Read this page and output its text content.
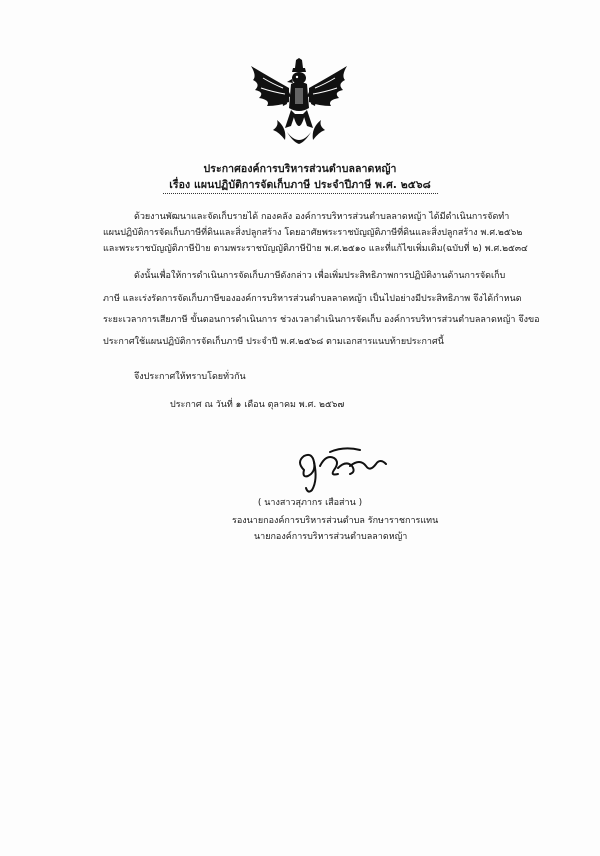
ประกาศองค์การบริหารส่วนตำบลลาดหญ้า
เรื่อง แผนปฏิบัติการจัดเก็บภาษี ประจำปีภาษี พ.ศ. ๒๕๖๘
ด้วยงานพัฒนาและจัดเก็บรายได้ กองคลัง องค์การบริหารส่วนตำบลลาดหญ้า ได้มีดำเนินการจัดทำ
แผนปฏิบัติการจัดเก็บภาษีที่ดินและสิ่งปลูกสร้าง โดยอาศัยพระราชบัญญัติภาษีที่ดินและสิ่งปลูกสร้าง พ.ศ.๒๕๖๒
และพระราชบัญญัติภาษีป้าย ตามพระราชบัญญัติภาษีป้าย พ.ศ.๒๕๑๐ และที่แก้ไขเพิ่มเติม(ฉบับที่ ๒) พ.ศ.๒๕๓๔
ดังนั้นเพื่อให้การดำเนินการจัดเก็บภาษีดังกล่าว เพื่อเพิ่มประสิทธิภาพการปฏิบัติงานด้านการจัดเก็บ
ภาษี และเร่งรัดการจัดเก็บภาษีขององค์การบริหารส่วนตำบลลาดหญ้า เป็นไปอย่างมีประสิทธิภาพ จึงได้กำหนด
ระยะเวลาการเสียภาษี ขั้นตอนการดำเนินการ ช่วงเวลาดำเนินการจัดเก็บ องค์การบริหารส่วนตำบลลาดหญ้า จึงขอ
ประกาศใช้แผนปฏิบัติการจัดเก็บภาษี ประจำปี พ.ศ.๒๕๖๘ ตามเอกสารแนบท้ายประกาศนี้
จึงประกาศให้ทราบโดยทั่วกัน
ประกาศ ณ วันที่ ๑ เดือน ตุลาคม พ.ศ. ๒๕๖๗
( นางสาวสุภากร เสือส่าน )
รองนายกองค์การบริหารส่วนตำบล รักษาราชการแทน
นายกองค์การบริหารส่วนตำบลลาดหญ้า
